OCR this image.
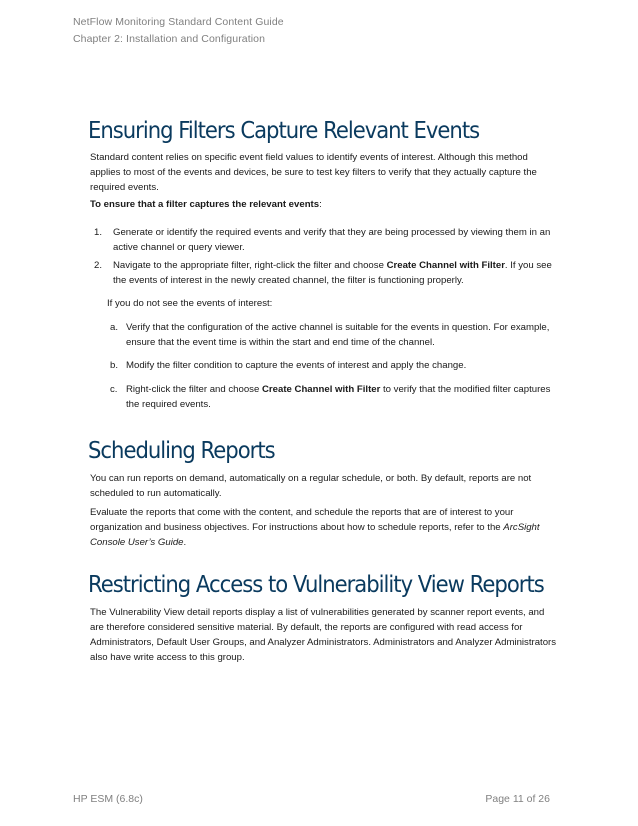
NetFlow Monitoring Standard Content Guide
Chapter 2: Installation and Configuration
Ensuring Filters Capture Relevant Events

Standard content relies on specific event field values to identify events of interest. Although this method applies to most of the events and devices, be sure to test key filters to verify that they actually capture the required events.

To ensure that a filter captures the relevant events:

1. Generate or identify the required events and verify that they are being processed by viewing them in an active channel or query viewer.
2. Navigate to the appropriate filter, right-click the filter and choose Create Channel with Filter. If you see the events of interest in the newly created channel, the filter is functioning properly.

If you do not see the events of interest:

a. Verify that the configuration of the active channel is suitable for the events in question. For example, ensure that the event time is within the start and end time of the channel.
b. Modify the filter condition to capture the events of interest and apply the change.
c. Right-click the filter and choose Create Channel with Filter to verify that the modified filter captures the required events.
Scheduling Reports

You can run reports on demand, automatically on a regular schedule, or both. By default, reports are not scheduled to run automatically.

Evaluate the reports that come with the content, and schedule the reports that are of interest to your organization and business objectives. For instructions about how to schedule reports, refer to the ArcSight Console User’s Guide.

Restricting Access to Vulnerability View Reports

The Vulnerability View detail reports display a list of vulnerabilities generated by scanner report events, and are therefore considered sensitive material. By default, the reports are configured with read access for Administrators, Default User Groups, and Analyzer Administrators. Administrators and Analyzer Administrators also have write access to this group.

HP ESM (6.8c)	Page 11 of 26
